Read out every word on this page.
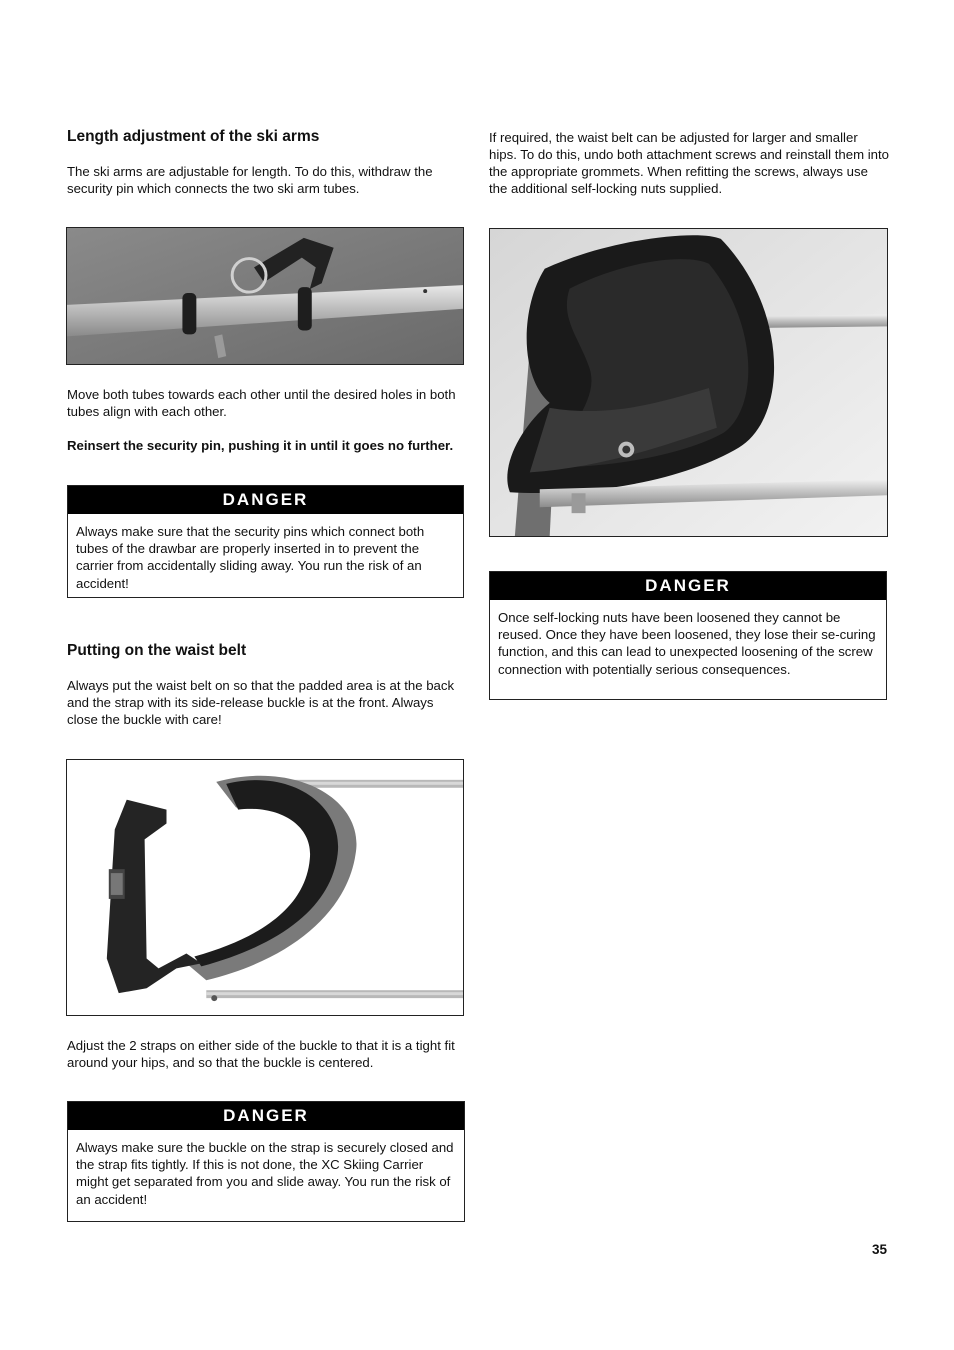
Length adjustment of the ski arms

The ski arms are adjustable for length. To do this, withdraw the security pin which connects the two ski arm tubes.

Move both tubes towards each other until the desired holes in both tubes align with each other.

Reinsert the security pin, pushing it in until it goes no further.

DANGER
Always make sure that the security pins which connect both tubes of the drawbar are properly inserted in to prevent the carrier from accidentally sliding away. You run the risk of an accident!
Putting on the waist belt

Always put the waist belt on so that the padded area is at the back and the strap with its side-release buckle is at the front. Always close the buckle with care!

Adjust the 2 straps on either side of the buckle to that it is a tight fit around your hips, and so that the buckle is centered.

DANGER
Always make sure the buckle on the strap is securely closed and the strap fits tightly. If this is not done, the XC Skiing Carrier might get separated from you and slide away. You run the risk of an accident!

If required, the waist belt can be adjusted for larger and smaller hips. To do this, undo both attachment screws and reinstall them into the appropriate grommets. When refitting the screws, always use the additional self-locking nuts supplied.

DANGER
Once self-locking nuts have been loosened they cannot be reused. Once they have been loosened, they lose their se-curing function, and this can lead to unexpected loosening of the screw connection with potentially serious consequences.
35
